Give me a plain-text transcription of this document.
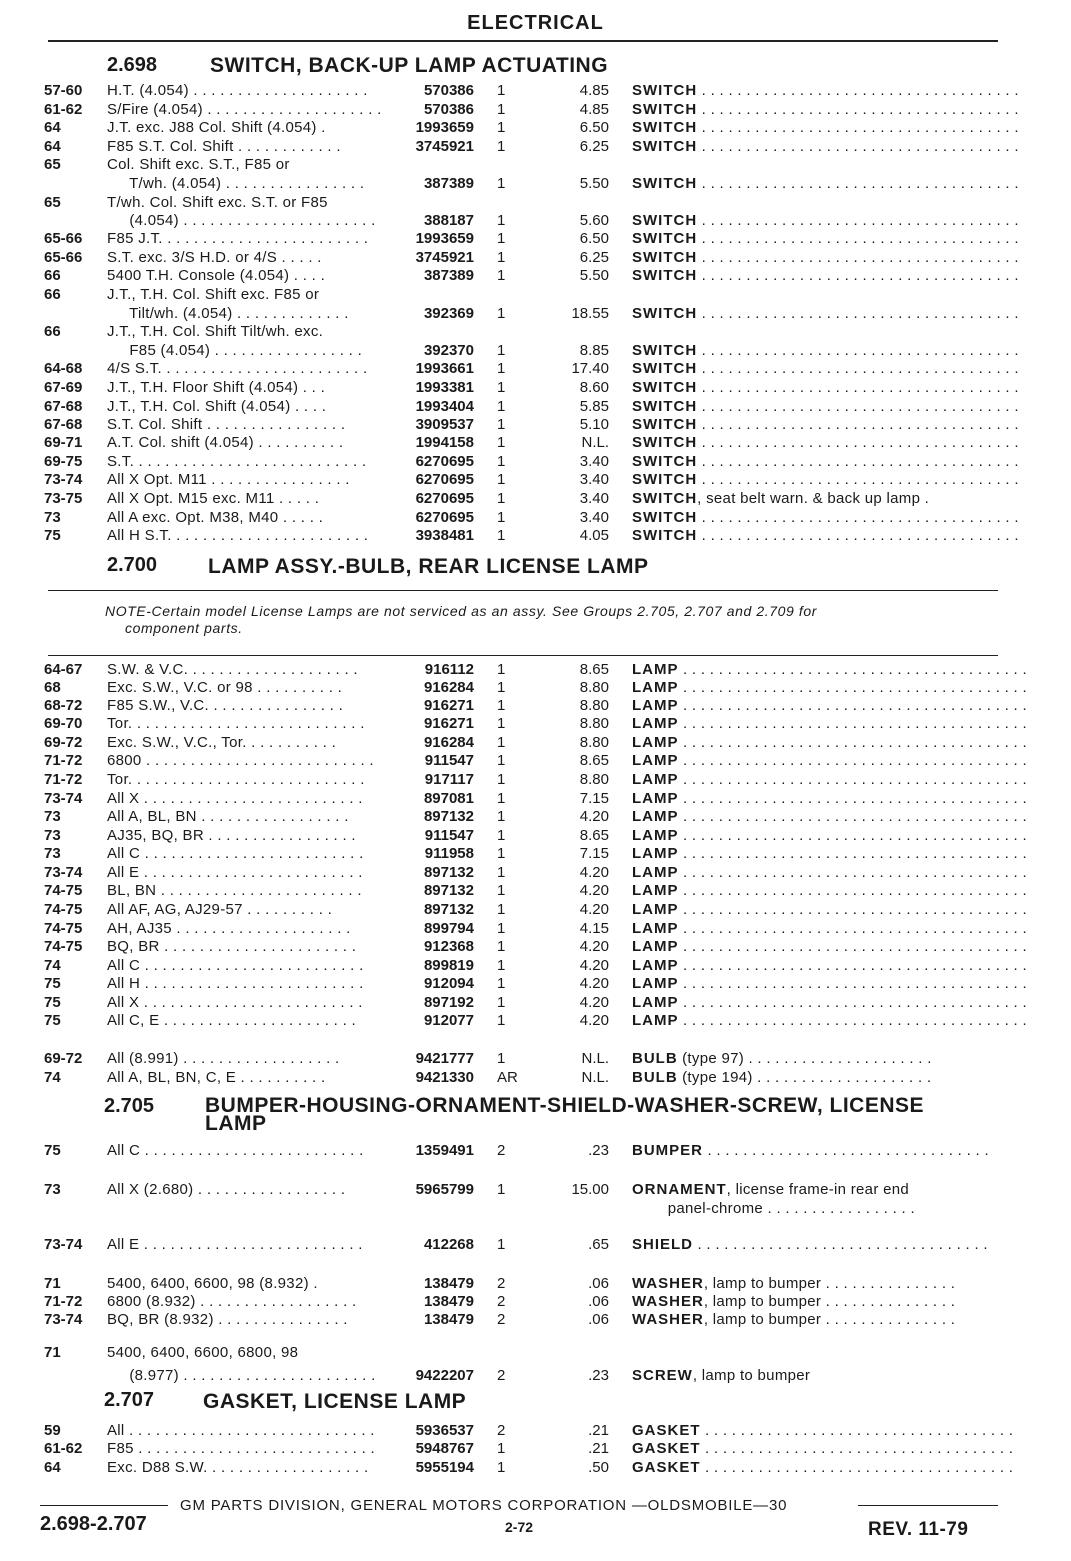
ELECTRICAL
2.698	SWITCH, BACK-UP LAMP ACTUATING
2.700 LAMP ASSY.-BULB, REAR LICENSE LAMP
NOTE-Certain model License Lamps are not serviced as an assy. See Groups 2.705, 2.707 and 2.709 for
component parts.
2.705 BUMPER-HOUSING-ORNAMENT-SHIELD-WASHER-SCREW, LICENSE
LAMP
2.707 GASKET, LICENSE LAMP
57-60 H.T. (4.054) . . . . . . . . . . . . . . . . . . . .	570386 1	4.85 SWITCH . . . . . . . . . . . . . . . . . . . . . . . . . . . . . . . . . . . .
61-62 S/Fire (4.054) . . . . . . . . . . . . . . . . . . . .	570386 1	4.85 SWITCH . . . . . . . . . . . . . . . . . . . . . . . . . . . . . . . . . . . .
64	J.T. exc. J88 Col. Shift (4.054) .	1993659 1	6.50 SWITCH . . . . . . . . . . . . . . . . . . . . . . . . . . . . . . . . . . . .
64	F85 S.T. Col. Shift . . . . . . . . . . . .	3745921 1	6.25 SWITCH . . . . . . . . . . . . . . . . . . . . . . . . . . . . . . . . . . . .
65	Col. Shift exc. S.T., F85 or
T/wh. (4.054) . . . . . . . . . . . . . . . .	387389 1	5.50 SWITCH . . . . . . . . . . . . . . . . . . . . . . . . . . . . . . . . . . . .
65	T/wh. Col. Shift exc. S.T. or F85
(4.054) . . . . . . . . . . . . . . . . . . . . . .	388187 1	5.60 SWITCH . . . . . . . . . . . . . . . . . . . . . . . . . . . . . . . . . . . .
65-66 F85 J.T. . . . . . . . . . . . . . . . . . . . . . . .	1993659 1	6.50 SWITCH . . . . . . . . . . . . . . . . . . . . . . . . . . . . . . . . . . . .
65-66 S.T. exc. 3/S H.D. or 4/S . . . . .	3745921 1	6.25 SWITCH . . . . . . . . . . . . . . . . . . . . . . . . . . . . . . . . . . . .
66	5400 T.H. Console (4.054) . . . .	387389 1	5.50 SWITCH . . . . . . . . . . . . . . . . . . . . . . . . . . . . . . . . . . . .
66	J.T., T.H. Col. Shift exc. F85 or
Tilt/wh. (4.054) . . . . . . . . . . . . .	392369 1	18.55 SWITCH . . . . . . . . . . . . . . . . . . . . . . . . . . . . . . . . . . . .
66	J.T., T.H. Col. Shift Tilt/wh. exc.
F85 (4.054) . . . . . . . . . . . . . . . . .	392370 1	8.85 SWITCH . . . . . . . . . . . . . . . . . . . . . . . . . . . . . . . . . . . .
64-68 4/S S.T. . . . . . . . . . . . . . . . . . . . . . . .	1993661 1	17.40 SWITCH . . . . . . . . . . . . . . . . . . . . . . . . . . . . . . . . . . . .
67-69 J.T., T.H. Floor Shift (4.054) . . .	1993381 1	8.60 SWITCH . . . . . . . . . . . . . . . . . . . . . . . . . . . . . . . . . . . .
67-68 J.T., T.H. Col. Shift (4.054) . . . .	1993404 1	5.85 SWITCH . . . . . . . . . . . . . . . . . . . . . . . . . . . . . . . . . . . .
67-68 S.T. Col. Shift . . . . . . . . . . . . . . . .	3909537 1	5.10 SWITCH . . . . . . . . . . . . . . . . . . . . . . . . . . . . . . . . . . . .
69-71 A.T. Col. shift (4.054) . . . . . . . . . .	1994158 1	N.L. SWITCH . . . . . . . . . . . . . . . . . . . . . . . . . . . . . . . . . . . .
69-75 S.T. . . . . . . . . . . . . . . . . . . . . . . . . . .	6270695 1	3.40 SWITCH . . . . . . . . . . . . . . . . . . . . . . . . . . . . . . . . . . . .
73-74 All X Opt. M11 . . . . . . . . . . . . . . . .	6270695 1	3.40 SWITCH . . . . . . . . . . . . . . . . . . . . . . . . . . . . . . . . . . . .
73-75 All X Opt. M15 exc. M11 . . . . .	6270695 1	3.40 SWITCH, seat belt warn. & back up lamp .
73	All A exc. Opt. M38, M40 . . . . .	6270695 1	3.40 SWITCH . . . . . . . . . . . . . . . . . . . . . . . . . . . . . . . . . . . .
75	All H S.T. . . . . . . . . . . . . . . . . . . . . . .	3938481 1	4.05 SWITCH . . . . . . . . . . . . . . . . . . . . . . . . . . . . . . . . . . . .
64-67 S.W. & V.C. . . . . . . . . . . . . . . . . . . .	916112 1	8.65 LAMP . . . . . . . . . . . . . . . . . . . . . . . . . . . . . . . . . . . . . . .
68	Exc. S.W., V.C. or 98 . . . . . . . . . .	916284 1	8.80 LAMP . . . . . . . . . . . . . . . . . . . . . . . . . . . . . . . . . . . . . . .
68-72 F85 S.W., V.C. . . . . . . . . . . . . . . .	916271 1	8.80 LAMP . . . . . . . . . . . . . . . . . . . . . . . . . . . . . . . . . . . . . . .
69-70 Tor. . . . . . . . . . . . . . . . . . . . . . . . . . .	916271 1	8.80 LAMP . . . . . . . . . . . . . . . . . . . . . . . . . . . . . . . . . . . . . . .
69-72 Exc. S.W., V.C., Tor. . . . . . . . . . .	916284 1	8.80 LAMP . . . . . . . . . . . . . . . . . . . . . . . . . . . . . . . . . . . . . . .
71-72 6800 . . . . . . . . . . . . . . . . . . . . . . . . . .	911547 1	8.65 LAMP . . . . . . . . . . . . . . . . . . . . . . . . . . . . . . . . . . . . . . .
71-72 Tor. . . . . . . . . . . . . . . . . . . . . . . . . . .	917117 1	8.80 LAMP . . . . . . . . . . . . . . . . . . . . . . . . . . . . . . . . . . . . . . .
73-74 All X . . . . . . . . . . . . . . . . . . . . . . . . .	897081 1	7.15 LAMP . . . . . . . . . . . . . . . . . . . . . . . . . . . . . . . . . . . . . . .
73	All A, BL, BN . . . . . . . . . . . . . . . . .	897132 1	4.20 LAMP . . . . . . . . . . . . . . . . . . . . . . . . . . . . . . . . . . . . . . .
73	AJ35, BQ, BR . . . . . . . . . . . . . . . . .	911547 1	8.65 LAMP . . . . . . . . . . . . . . . . . . . . . . . . . . . . . . . . . . . . . . .
73	All C . . . . . . . . . . . . . . . . . . . . . . . . .	911958 1	7.15 LAMP . . . . . . . . . . . . . . . . . . . . . . . . . . . . . . . . . . . . . . .
73-74 All E . . . . . . . . . . . . . . . . . . . . . . . . .	897132 1	4.20 LAMP . . . . . . . . . . . . . . . . . . . . . . . . . . . . . . . . . . . . . . .
74-75 BL, BN . . . . . . . . . . . . . . . . . . . . . . .	897132 1	4.20 LAMP . . . . . . . . . . . . . . . . . . . . . . . . . . . . . . . . . . . . . . .
74-75 All AF, AG, AJ29-57 . . . . . . . . . .	897132 1	4.20 LAMP . . . . . . . . . . . . . . . . . . . . . . . . . . . . . . . . . . . . . . .
74-75 AH, AJ35 . . . . . . . . . . . . . . . . . . . .	899794 1	4.15 LAMP . . . . . . . . . . . . . . . . . . . . . . . . . . . . . . . . . . . . . . .
74-75 BQ, BR . . . . . . . . . . . . . . . . . . . . . .	912368 1	4.20 LAMP . . . . . . . . . . . . . . . . . . . . . . . . . . . . . . . . . . . . . . .
74	All C . . . . . . . . . . . . . . . . . . . . . . . . .	899819 1	4.20 LAMP . . . . . . . . . . . . . . . . . . . . . . . . . . . . . . . . . . . . . . .
75	All H . . . . . . . . . . . . . . . . . . . . . . . . .	912094 1	4.20 LAMP . . . . . . . . . . . . . . . . . . . . . . . . . . . . . . . . . . . . . . .
75	All X . . . . . . . . . . . . . . . . . . . . . . . . .	897192 1	4.20 LAMP . . . . . . . . . . . . . . . . . . . . . . . . . . . . . . . . . . . . . . .
75	All C, E . . . . . . . . . . . . . . . . . . . . . .	912077 1	4.20 LAMP . . . . . . . . . . . . . . . . . . . . . . . . . . . . . . . . . . . . . . .
69-72 All (8.991) . . . . . . . . . . . . . . . . . .	9421777 1	N.L. BULB (type 97) . . . . . . . . . . . . . . . . . . . . .
74	All A, BL, BN, C, E . . . . . . . . . .	9421330 AR	N.L. BULB (type 194) . . . . . . . . . . . . . . . . . . . .
75	All C . . . . . . . . . . . . . . . . . . . . . . . . .	1359491 2	.23 BUMPER . . . . . . . . . . . . . . . . . . . . . . . . . . . . . . . .
73	All X (2.680) . . . . . . . . . . . . . . . . .	5965799 1	15.00 ORNAMENT, license frame-in rear end
panel-chrome . . . . . . . . . . . . . . . . .
73-74 All E . . . . . . . . . . . . . . . . . . . . . . . . .	412268 1	.65 SHIELD . . . . . . . . . . . . . . . . . . . . . . . . . . . . . . . . .
71	5400, 6400, 6600, 98 (8.932) .	138479 2	.06 WASHER, lamp to bumper . . . . . . . . . . . . . . .
71-72 6800 (8.932) . . . . . . . . . . . . . . . . . .	138479 2	.06 WASHER, lamp to bumper . . . . . . . . . . . . . . .
73-74 BQ, BR (8.932) . . . . . . . . . . . . . . .	138479 2	.06 WASHER, lamp to bumper . . . . . . . . . . . . . . .
71	5400, 6400, 6600, 6800, 98
(8.977) . . . . . . . . . . . . . . . . . . . . . .	9422207 2	.23 SCREW, lamp to bumper
59	All . . . . . . . . . . . . . . . . . . . . . . . . . . . .	5936537 2	.21 GASKET . . . . . . . . . . . . . . . . . . . . . . . . . . . . . . . . . . .
61-62 F85 . . . . . . . . . . . . . . . . . . . . . . . . . . .	5948767 1	.21 GASKET . . . . . . . . . . . . . . . . . . . . . . . . . . . . . . . . . . .
64	Exc. D88 S.W. . . . . . . . . . . . . . . . . . .	5955194 1	.50 GASKET . . . . . . . . . . . . . . . . . . . . . . . . . . . . . . . . . . .
2.698-2.707
GM PARTS DIVISION, GENERAL MOTORS CORPORATION —OLDSMOBILE—30
2-72	REV. 11-79
